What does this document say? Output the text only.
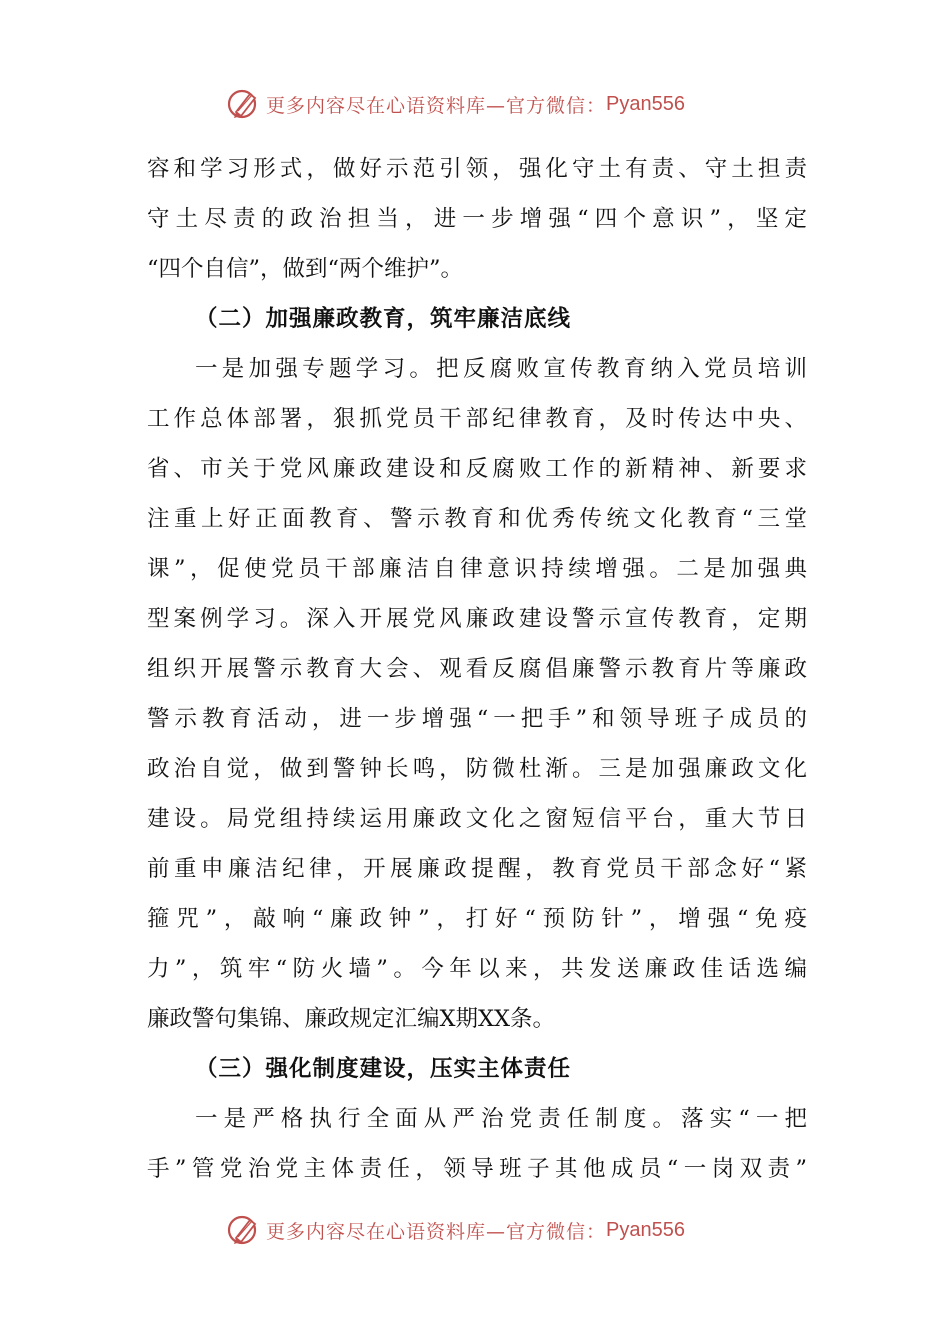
更多内容尽在心语资料库—官方微信： Pyan556
容和学习形式，做好示范引领，强化守土有责、守土担责
守土尽责的政治担当，进一步增强“四个意识”，坚定
“四个自信”，做到“两个维护”。
（二）加强廉政教育，筑牢廉洁底线
一是加强专题学习。把反腐败宣传教育纳入党员培训
工作总体部署，狠抓党员干部纪律教育，及时传达中央、
省、市关于党风廉政建设和反腐败工作的新精神、新要求
注重上好正面教育、警示教育和优秀传统文化教育“三堂
课”，促使党员干部廉洁自律意识持续增强。二是加强典
型案例学习。深入开展党风廉政建设警示宣传教育，定期
组织开展警示教育大会、观看反腐倡廉警示教育片等廉政
警示教育活动，进一步增强“一把手”和领导班子成员的
政治自觉，做到警钟长鸣，防微杜渐。三是加强廉政文化
建设。局党组持续运用廉政文化之窗短信平台，重大节日
前重申廉洁纪律，开展廉政提醒，教育党员干部念好“紧
箍咒”，敲响“廉政钟”，打好“预防针”，增强“免疫
力”，筑牢“防火墙”。今年以来，共发送廉政佳话选编
廉政警句集锦、廉政规定汇编X期XX条。
（三）强化制度建设，压实主体责任
一是严格执行全面从严治党责任制度。落实“一把
手”管党治党主体责任，领导班子其他成员“一岗双责”
更多内容尽在心语资料库—官方微信： Pyan556
